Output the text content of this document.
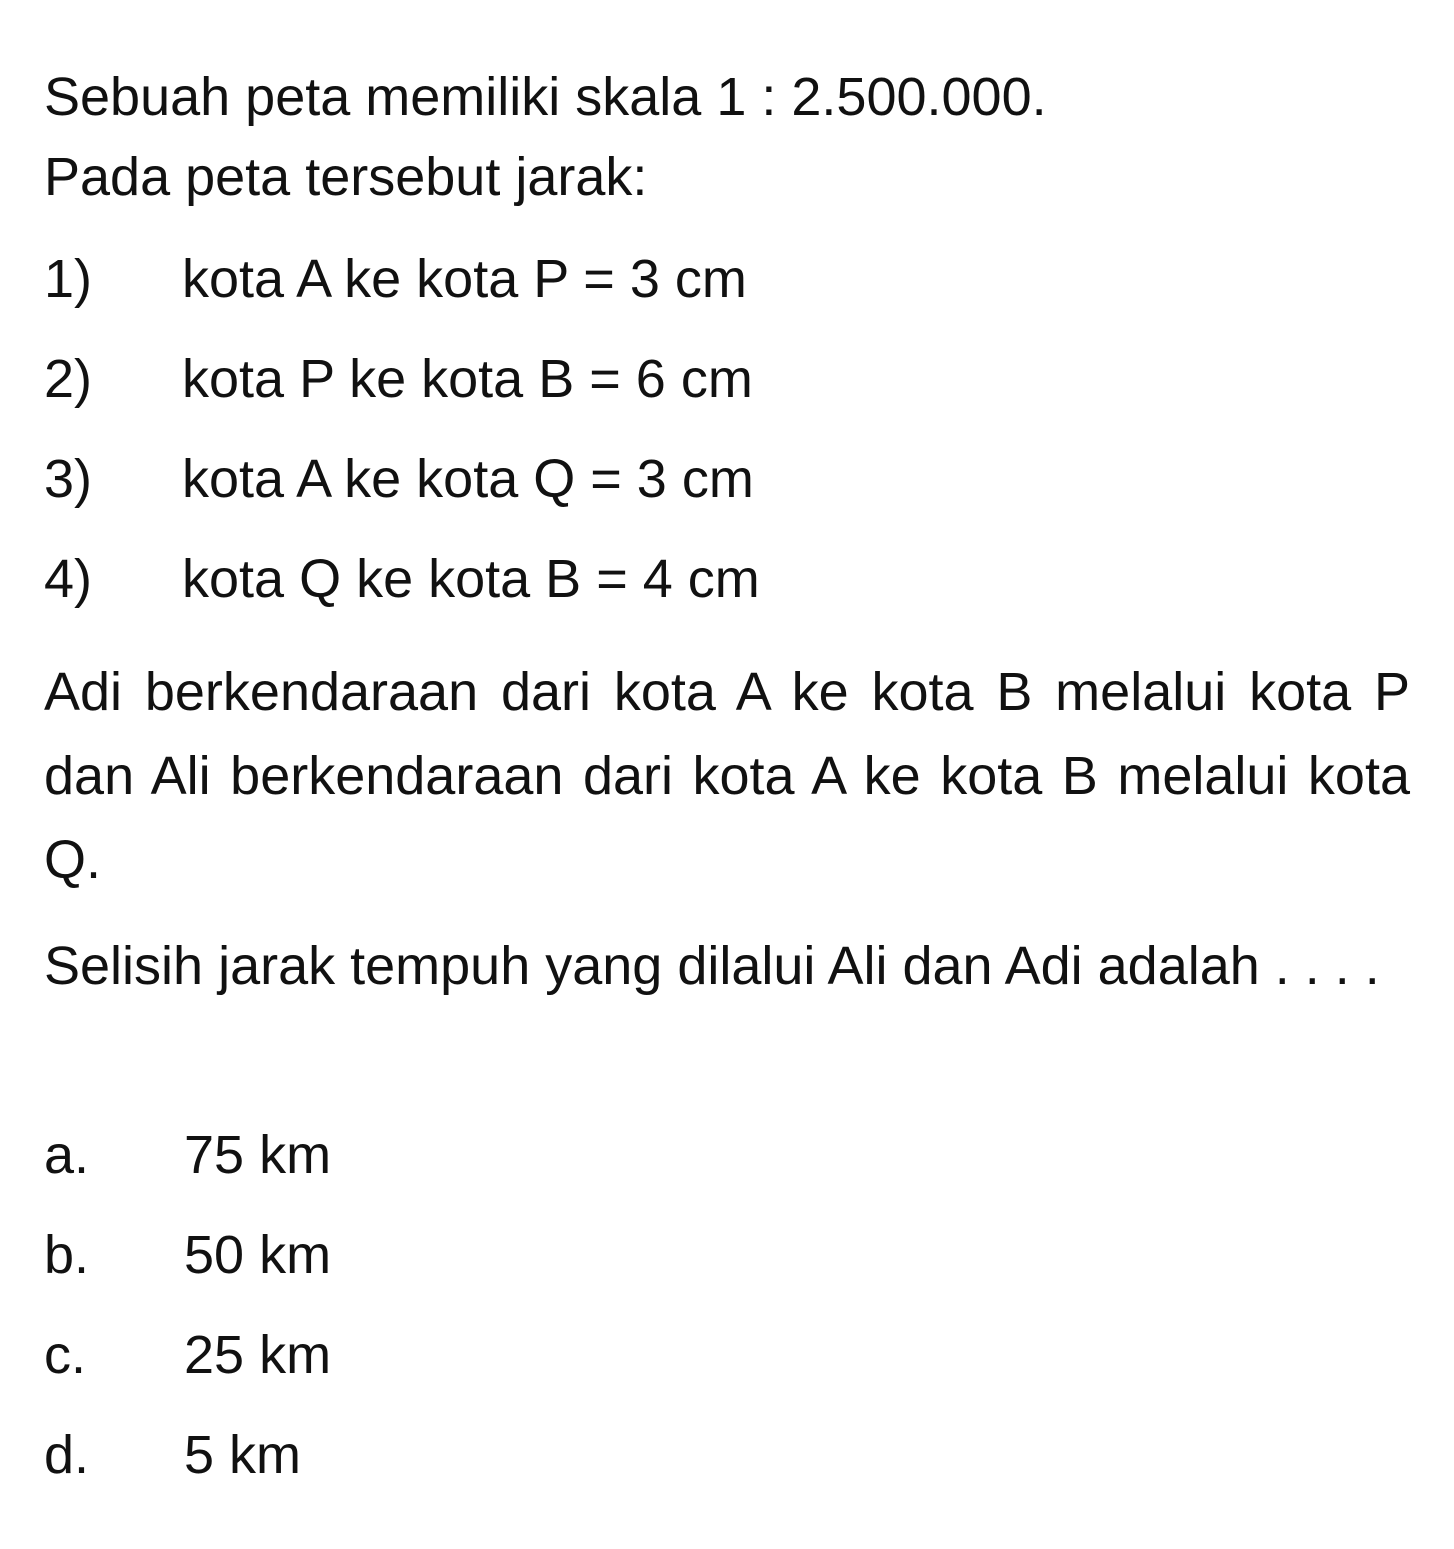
Sebuah peta memiliki skala 1 : 2.500.000.
Pada peta tersebut jarak:
1) kota A ke kota P = 3 cm
2) kota P ke kota B = 6 cm
3) kota A ke kota Q = 3 cm
4) kota Q ke kota B = 4 cm
Adi berkendaraan dari kota A ke kota B melalui kota P dan Ali berkendaraan dari kota A ke kota B melalui kota Q.
Selisih jarak tempuh yang dilalui Ali dan Adi adalah . . . .
a. 75 km
b. 50 km
c. 25 km
d. 5 km
